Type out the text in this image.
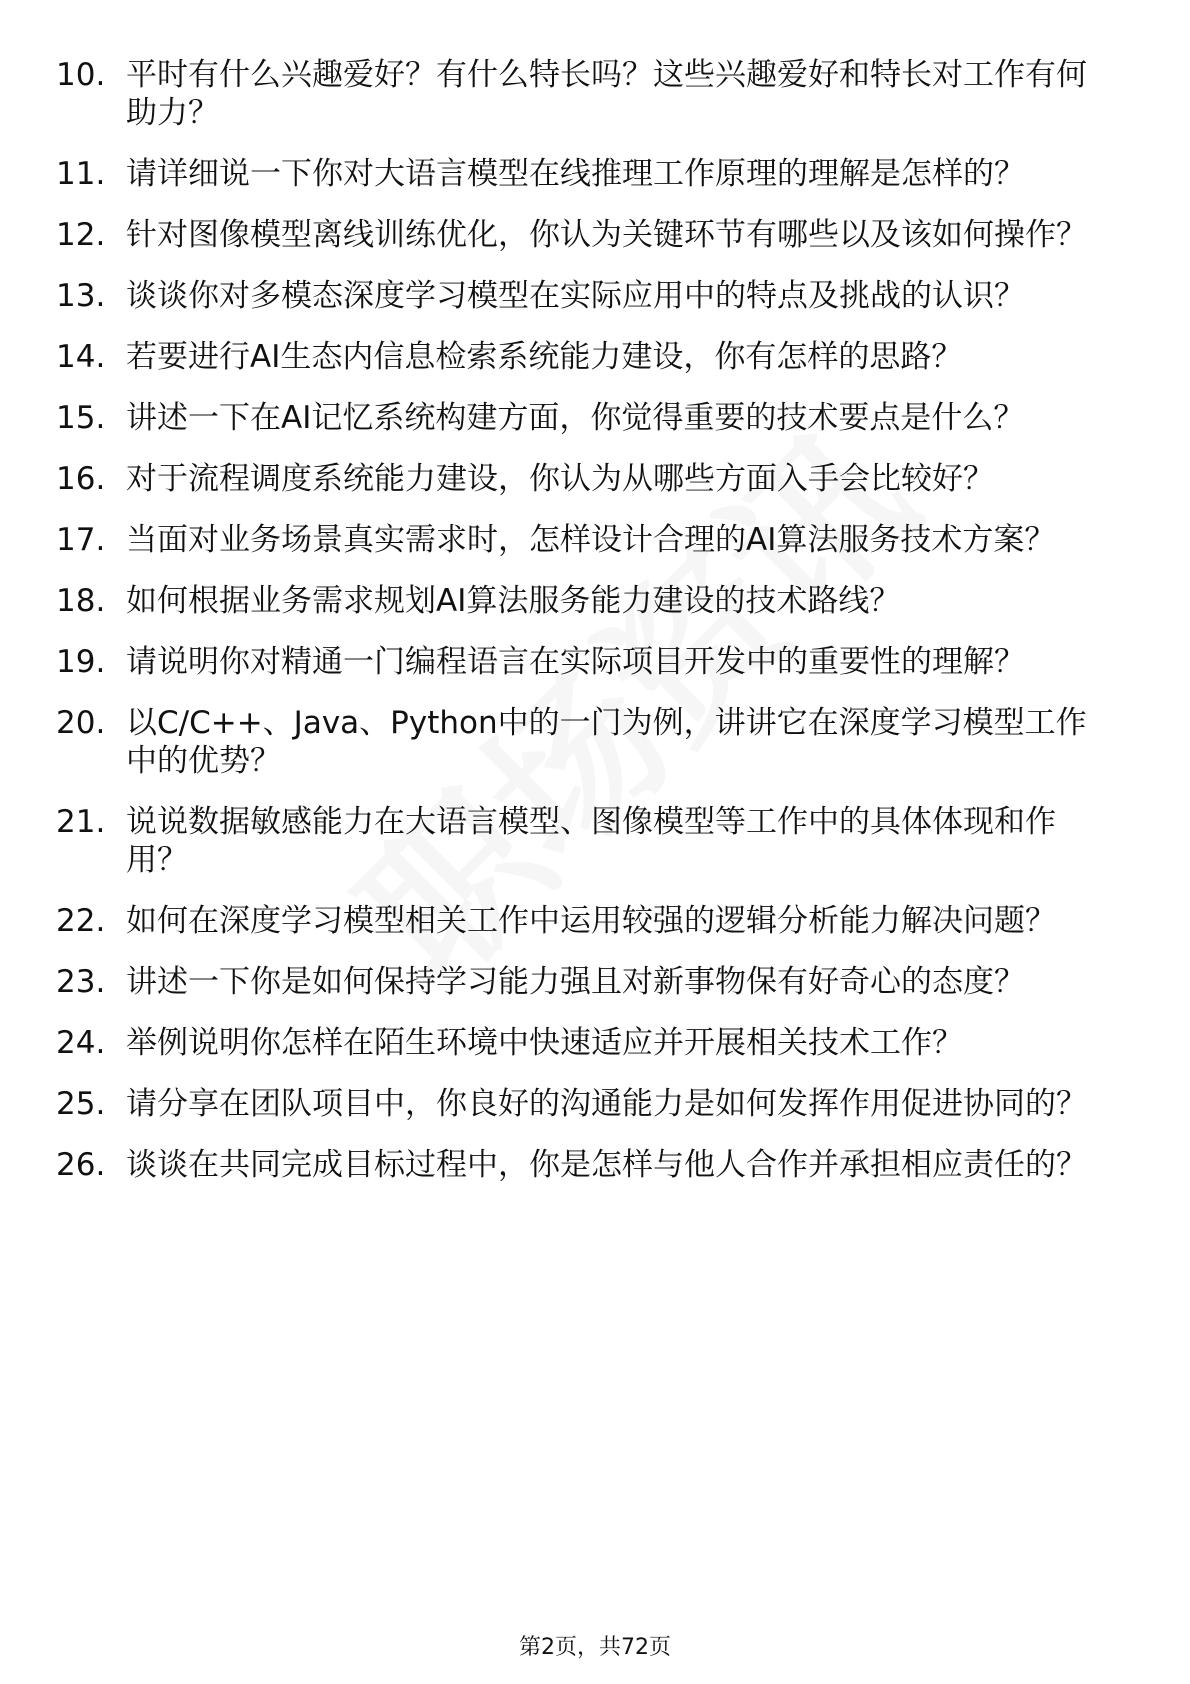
10. 平时有什么兴趣爱好？有什么特长吗？这些兴趣爱好和特长对工作有何助力？
11. 请详细说一下你对大语言模型在线推理工作原理的理解是怎样的？
12. 针对图像模型离线训练优化，你认为关键环节有哪些以及该如何操作？
13. 谈谈你对多模态深度学习模型在实际应用中的特点及挑战的认识？
14. 若要进行AI生态内信息检索系统能力建设，你有怎样的思路？
15. 讲述一下在AI记忆系统构建方面，你觉得重要的技术要点是什么？
16. 对于流程调度系统能力建设，你认为从哪些方面入手会比较好？
17. 当面对业务场景真实需求时，怎样设计合理的AI算法服务技术方案？
18. 如何根据业务需求规划AI算法服务能力建设的技术路线？
19. 请说明你对精通一门编程语言在实际项目开发中的重要性的理解？
20. 以C/C++、Java、Python中的一门为例，讲讲它在深度学习模型工作中的优势？
21. 说说数据敏感能力在大语言模型、图像模型等工作中的具体体现和作用？
22. 如何在深度学习模型相关工作中运用较强的逻辑分析能力解决问题？
23. 讲述一下你是如何保持学习能力强且对新事物保有好奇心的态度？
24. 举例说明你怎样在陌生环境中快速适应并开展相关技术工作？
25. 请分享在团队项目中，你良好的沟通能力是如何发挥作用促进协同的？
26. 谈谈在共同完成目标过程中，你是怎样与他人合作并承担相应责任的？
第2页，共72页
